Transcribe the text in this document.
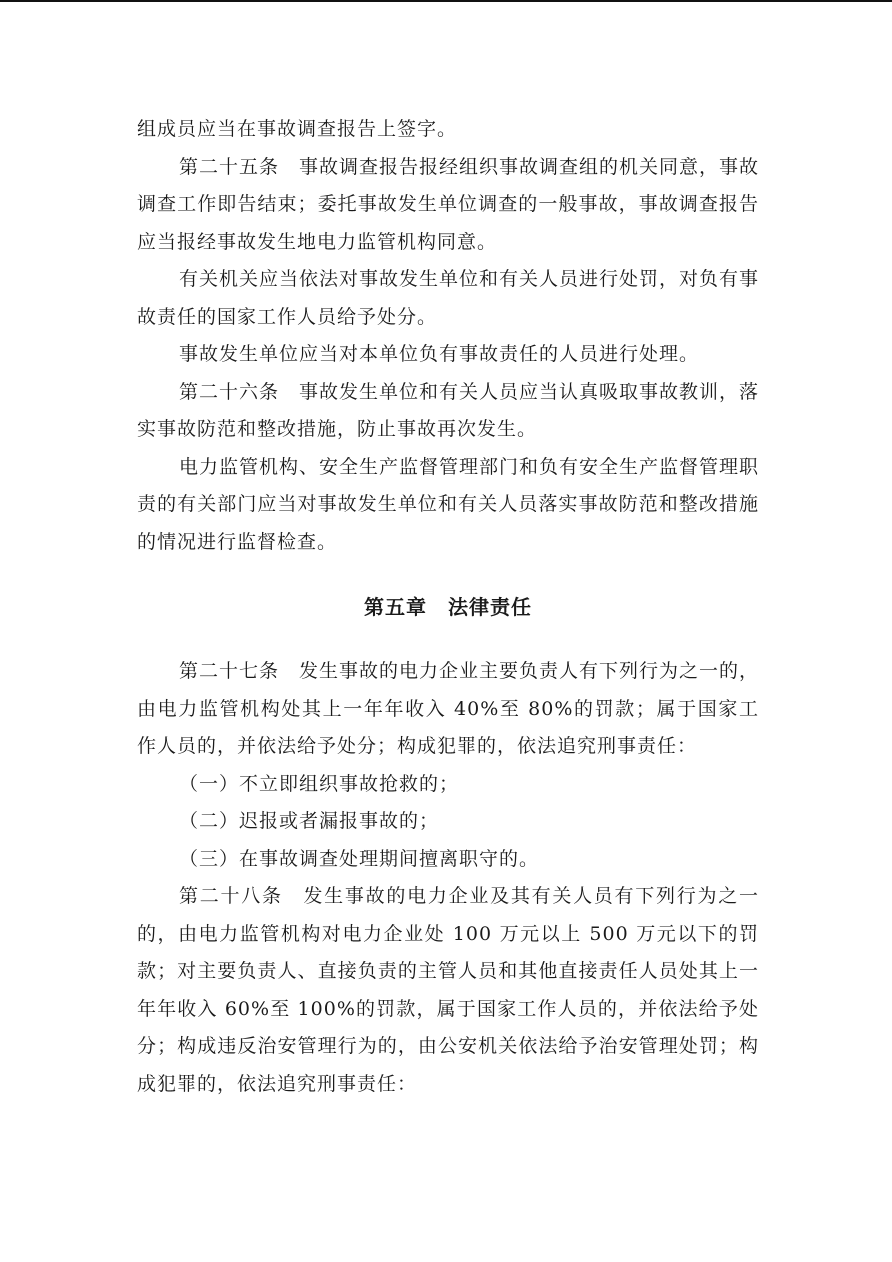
组成员应当在事故调查报告上签字。

第二十五条　事故调查报告报经组织事故调查组的机关同意，事故调查工作即告结束；委托事故发生单位调查的一般事故，事故调查报告应当报经事故发生地电力监管机构同意。

有关机关应当依法对事故发生单位和有关人员进行处罚，对负有事故责任的国家工作人员给予处分。

事故发生单位应当对本单位负有事故责任的人员进行处理。

第二十六条　事故发生单位和有关人员应当认真吸取事故教训，落实事故防范和整改措施，防止事故再次发生。

电力监管机构、安全生产监督管理部门和负有安全生产监督管理职责的有关部门应当对事故发生单位和有关人员落实事故防范和整改措施的情况进行监督检查。

第五章　法律责任

第二十七条　发生事故的电力企业主要负责人有下列行为之一的，由电力监管机构处其上一年年收入 40%至 80%的罚款；属于国家工作人员的，并依法给予处分；构成犯罪的，依法追究刑事责任：

（一）不立即组织事故抢救的；

（二）迟报或者漏报事故的；

（三）在事故调查处理期间擅离职守的。

第二十八条　发生事故的电力企业及其有关人员有下列行为之一的，由电力监管机构对电力企业处 100 万元以上 500 万元以下的罚款；对主要负责人、直接负责的主管人员和其他直接责任人员处其上一年年收入 60%至 100%的罚款，属于国家工作人员的，并依法给予处分；构成违反治安管理行为的，由公安机关依法给予治安管理处罚；构成犯罪的，依法追究刑事责任：
